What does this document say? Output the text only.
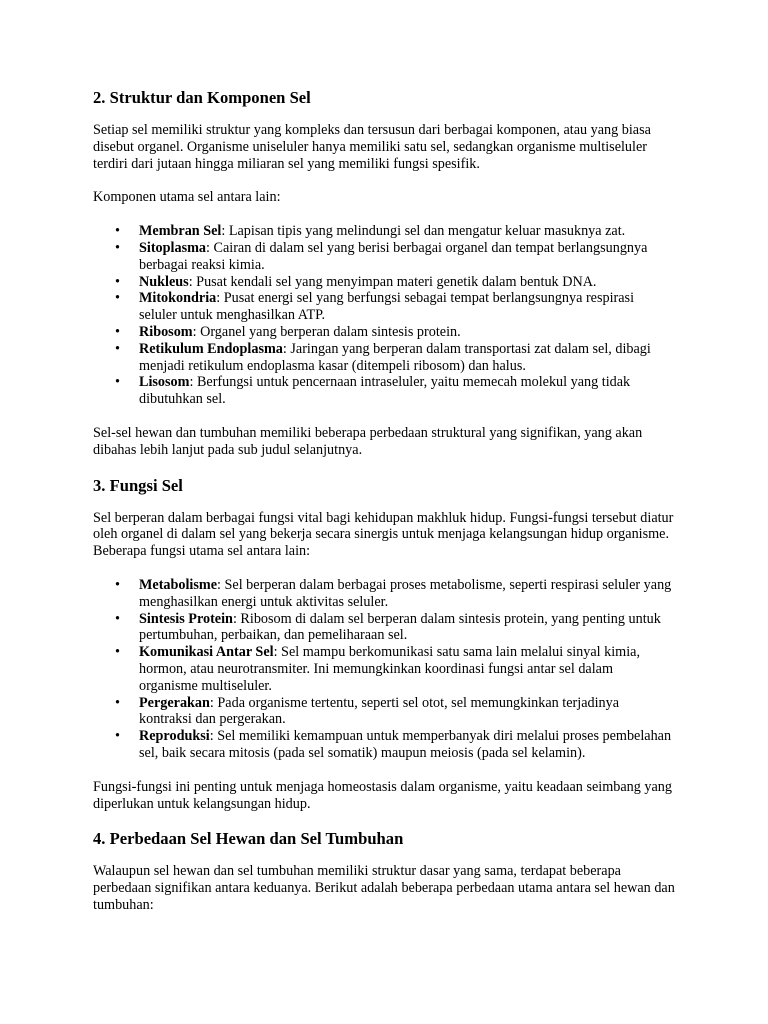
2. Struktur dan Komponen Sel

Setiap sel memiliki struktur yang kompleks dan tersusun dari berbagai komponen, atau yang biasa disebut organel. Organisme uniseluler hanya memiliki satu sel, sedangkan organisme multiseluler terdiri dari jutaan hingga miliaran sel yang memiliki fungsi spesifik.

Komponen utama sel antara lain:

• Membran Sel: Lapisan tipis yang melindungi sel dan mengatur keluar masuknya zat.
• Sitoplasma: Cairan di dalam sel yang berisi berbagai organel dan tempat berlangsungnya berbagai reaksi kimia.
• Nukleus: Pusat kendali sel yang menyimpan materi genetik dalam bentuk DNA.
• Mitokondria: Pusat energi sel yang berfungsi sebagai tempat berlangsungnya respirasi seluler untuk menghasilkan ATP.
• Ribosom: Organel yang berperan dalam sintesis protein.
• Retikulum Endoplasma: Jaringan yang berperan dalam transportasi zat dalam sel, dibagi menjadi retikulum endoplasma kasar (ditempeli ribosom) dan halus.
• Lisosom: Berfungsi untuk pencernaan intraseluler, yaitu memecah molekul yang tidak dibutuhkan sel.

Sel-sel hewan dan tumbuhan memiliki beberapa perbedaan struktural yang signifikan, yang akan dibahas lebih lanjut pada sub judul selanjutnya.

3. Fungsi Sel

Sel berperan dalam berbagai fungsi vital bagi kehidupan makhluk hidup. Fungsi-fungsi tersebut diatur oleh organel di dalam sel yang bekerja secara sinergis untuk menjaga kelangsungan hidup organisme. Beberapa fungsi utama sel antara lain:

• Metabolisme: Sel berperan dalam berbagai proses metabolisme, seperti respirasi seluler yang menghasilkan energi untuk aktivitas seluler.
• Sintesis Protein: Ribosom di dalam sel berperan dalam sintesis protein, yang penting untuk pertumbuhan, perbaikan, dan pemeliharaan sel.
• Komunikasi Antar Sel: Sel mampu berkomunikasi satu sama lain melalui sinyal kimia, hormon, atau neurotransmiter. Ini memungkinkan koordinasi fungsi antar sel dalam organisme multiseluler.
• Pergerakan: Pada organisme tertentu, seperti sel otot, sel memungkinkan terjadinya kontraksi dan pergerakan.
• Reproduksi: Sel memiliki kemampuan untuk memperbanyak diri melalui proses pembelahan sel, baik secara mitosis (pada sel somatik) maupun meiosis (pada sel kelamin).

Fungsi-fungsi ini penting untuk menjaga homeostasis dalam organisme, yaitu keadaan seimbang yang diperlukan untuk kelangsungan hidup.

4. Perbedaan Sel Hewan dan Sel Tumbuhan

Walaupun sel hewan dan sel tumbuhan memiliki struktur dasar yang sama, terdapat beberapa perbedaan signifikan antara keduanya. Berikut adalah beberapa perbedaan utama antara sel hewan dan tumbuhan:
